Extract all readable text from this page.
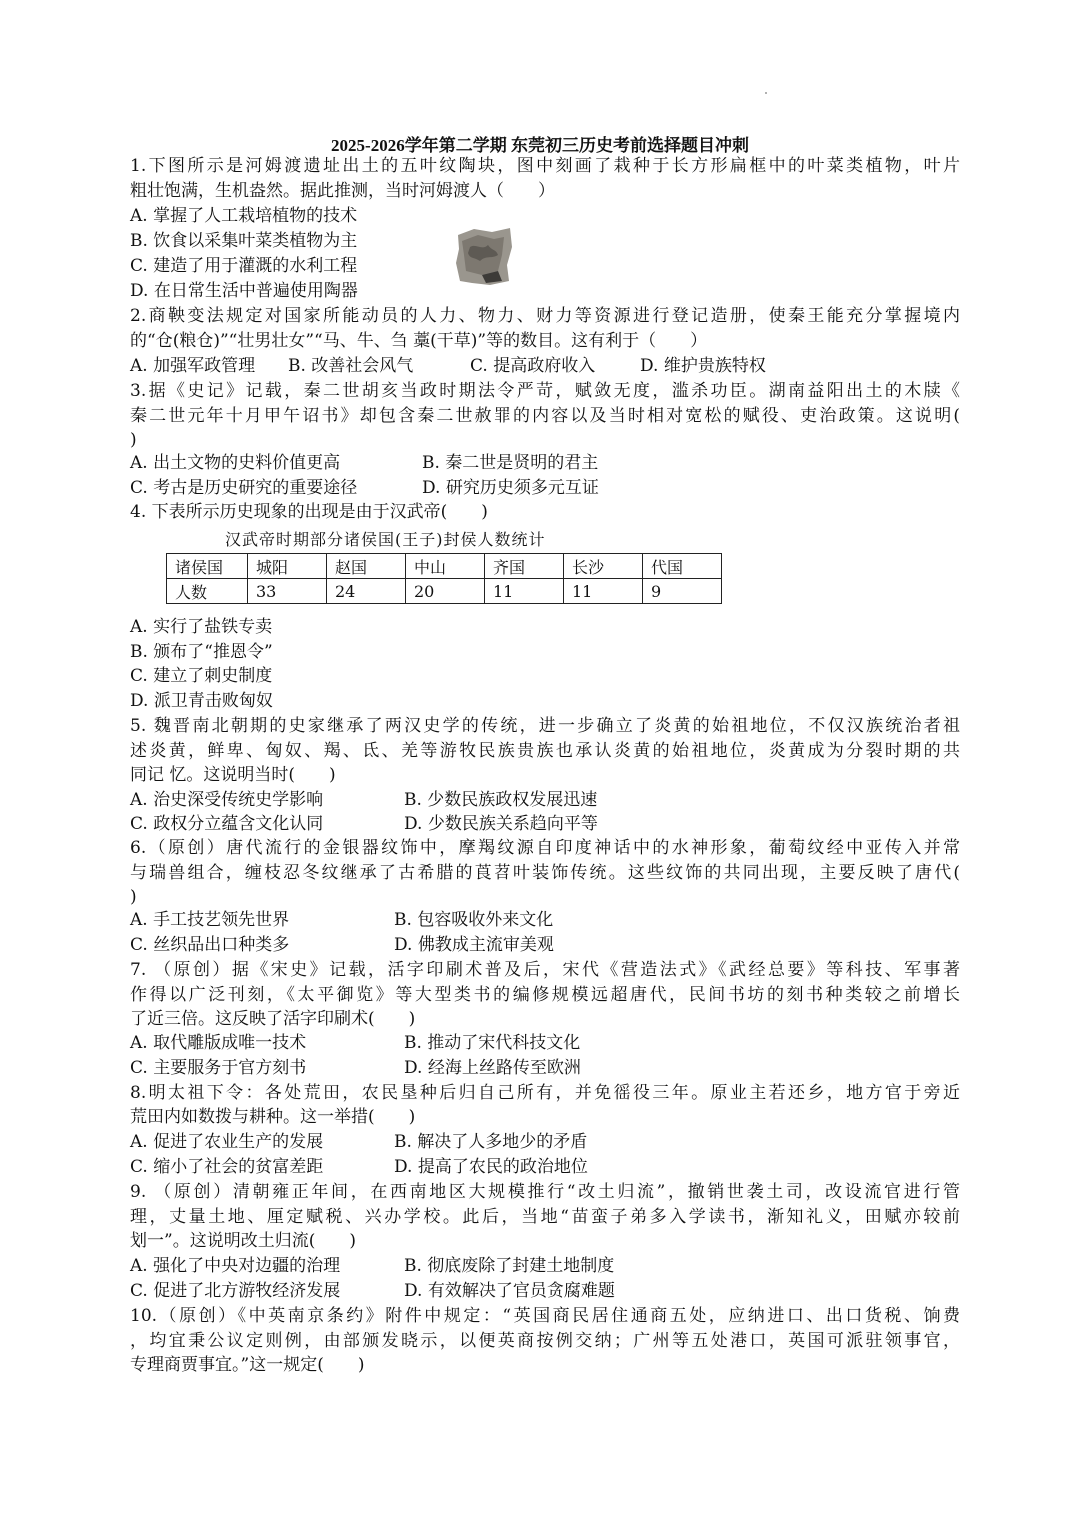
2025-2026学年第二学期 东莞初三历史考前选择题目冲刺
1.下图所示是河姆渡遗址出土的五叶纹陶块，图中刻画了栽种于长方形扁框中的叶菜类植物，叶片
粗壮饱满，生机盎然。据此推测，当时河姆渡人（　　）
A. 掌握了人工栽培植物的技术
B. 饮食以采集叶菜类植物为主
C. 建造了用于灌溉的水利工程
D. 在日常生活中普遍使用陶器
2.商鞅变法规定对国家所能动员的人力、物力、财力等资源进行登记造册，使秦王能充分掌握境内
的“仓(粮仓)”“壮男壮女”“马、牛、刍 藁(干草)”等的数目。这有利于（　　）
A. 加强军政管理 B. 改善社会风气	C. 提高政府收入	D. 维护贵族特权
3.据《史记》记载，秦二世胡亥当政时期法令严苛，赋敛无度，滥杀功臣。湖南益阳出土的木牍《
秦二世元年十月甲午诏书》却包含秦二世赦罪的内容以及当时相对宽松的赋役、吏治政策。这说明(
)
A. 出土文物的史料价值更高	B. 秦二世是贤明的君主
C. 考古是历史研究的重要途径	D. 研究历史须多元互证
4. 下表所示历史现象的出现是由于汉武帝(　　)
汉武帝时期部分诸侯国(王子)封侯人数统计
诸侯国	城阳	赵国	中山	齐国	长沙	代国
人数	33	24	20	11	11	9
A. 实行了盐铁专卖
B. 颁布了“推恩令”
C. 建立了刺史制度
D. 派卫青击败匈奴
5. 魏晋南北朝期的史家继承了两汉史学的传统，进一步确立了炎黄的始祖地位，不仅汉族统治者祖
述炎黄，鲜卑、匈奴、羯、氐、羌等游牧民族贵族也承认炎黄的始祖地位，炎黄成为分裂时期的共
同记 忆。这说明当时(　　)
A. 治史深受传统史学影响	B. 少数民族政权发展迅速
C. 政权分立蕴含文化认同	D. 少数民族关系趋向平等
6.（原创）唐代流行的金银器纹饰中，摩羯纹源自印度神话中的水神形象，葡萄纹经中亚传入并常
与瑞兽组合，缠枝忍冬纹继承了古希腊的莨苕叶装饰传统。这些纹饰的共同出现，主要反映了唐代(
)
A. 手工技艺领先世界	B. 包容吸收外来文化
C. 丝织品出口种类多	D. 佛教成主流审美观
7. （原创）据《宋史》记载，活字印刷术普及后，宋代《营造法式》《武经总要》等科技、军事著
作得以广泛刊刻，《太平御览》等大型类书的编修规模远超唐代，民间书坊的刻书种类较之前增长
了近三倍。这反映了活字印刷术(　　)
A. 取代雕版成唯一技术	B. 推动了宋代科技文化
C. 主要服务于官方刻书	D. 经海上丝路传至欧洲
8.明太祖下令：各处荒田，农民垦种后归自己所有，并免徭役三年。原业主若还乡，地方官于旁近
荒田内如数拨与耕种。这一举措(　　)
A. 促进了农业生产的发展	B. 解决了人多地少的矛盾
C. 缩小了社会的贫富差距	D. 提高了农民的政治地位
9. （原创）清朝雍正年间，在西南地区大规模推行“改土归流”，撤销世袭土司，改设流官进行管
理，丈量土地、厘定赋税、兴办学校。此后，当地“苗蛮子弟多入学读书，渐知礼义，田赋亦较前
划一”。这说明改土归流(　　)
A. 强化了中央对边疆的治理	B. 彻底废除了封建土地制度
C. 促进了北方游牧经济发展	D. 有效解决了官员贪腐难题
10.（原创）《中英南京条约》附件中规定：“英国商民居住通商五处，应纳进口、出口货税、饷费
，均宜秉公议定则例，由部颁发晓示，以便英商按例交纳；广州等五处港口，英国可派驻领事官，
专理商贾事宜。”这一规定(　　)
